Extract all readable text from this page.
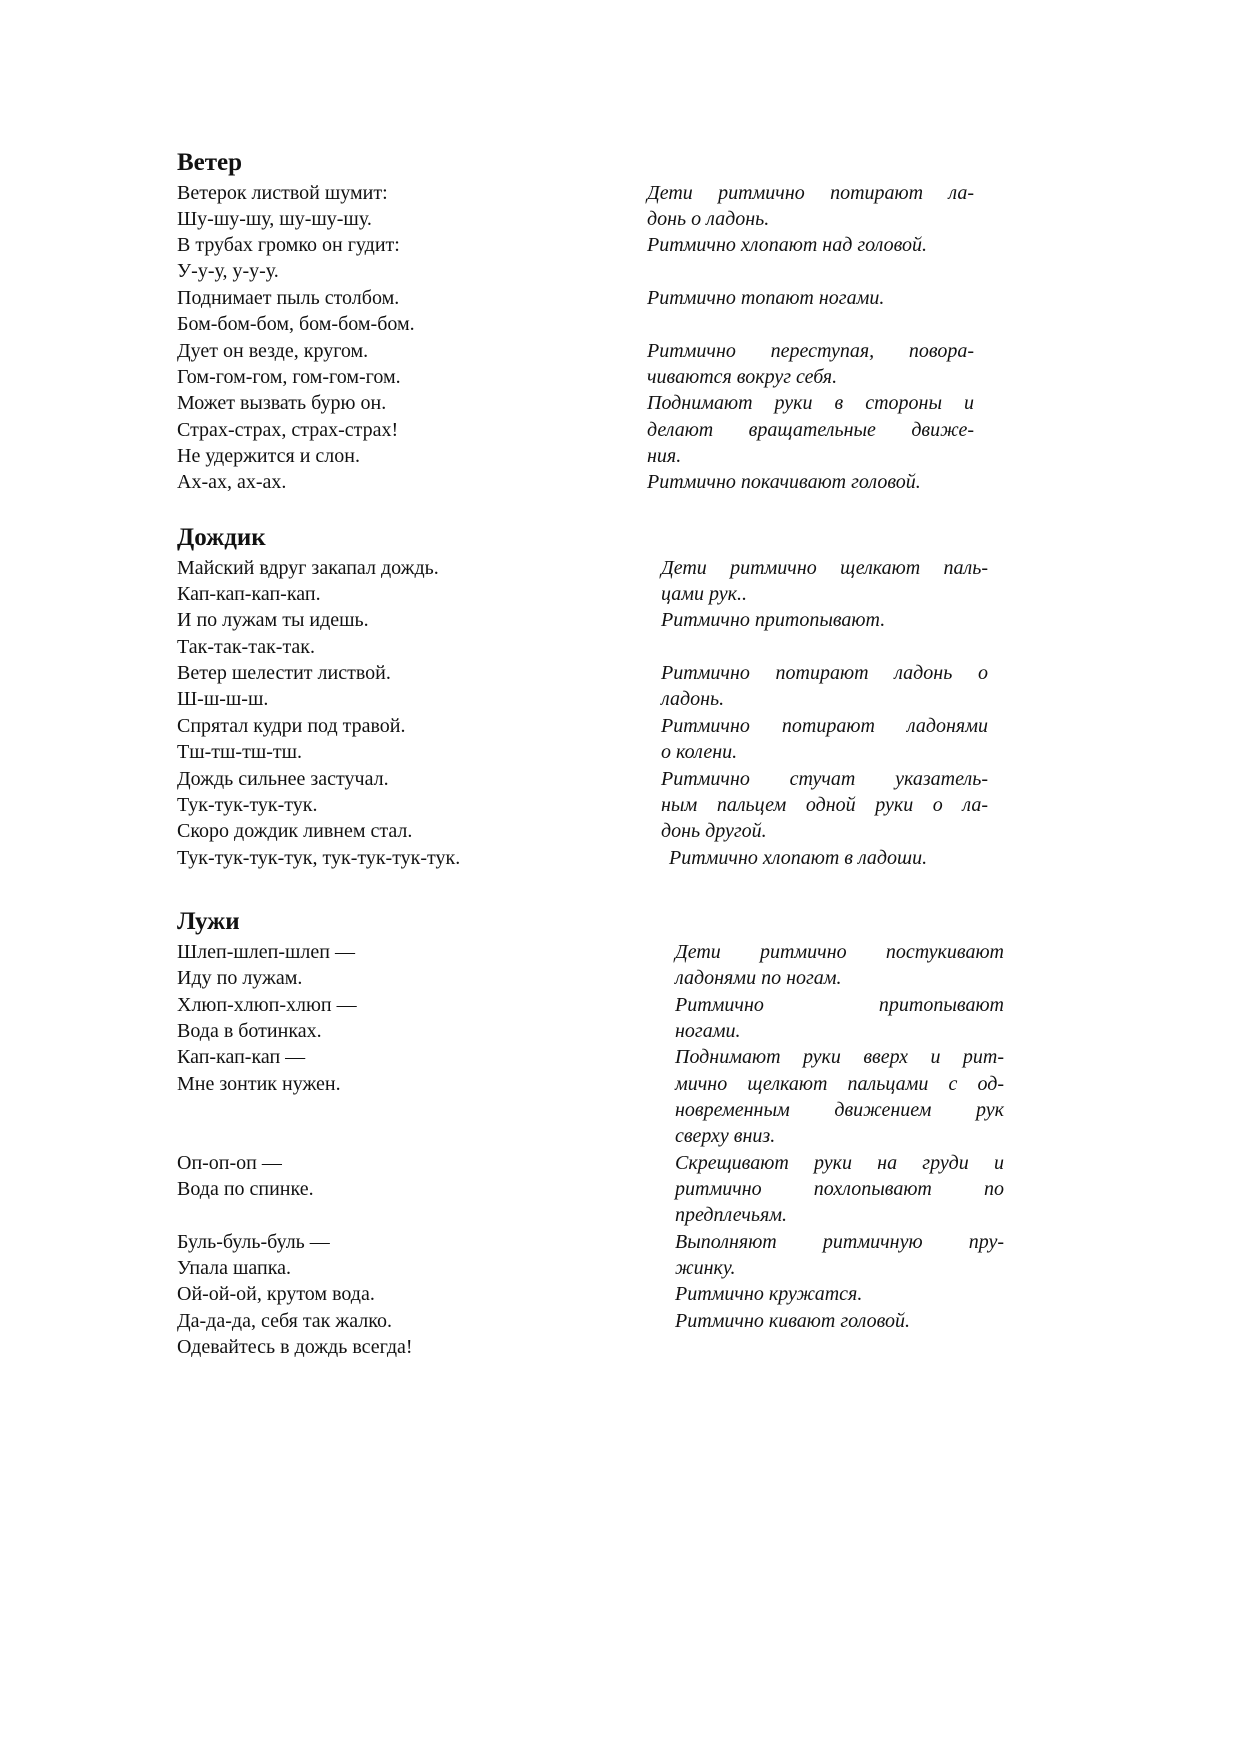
Ветер
Ветерок листвой шумит:
Шу-шу-шу, шу-шу-шу.
В трубах громко он гудит:
У-у-у, у-у-у.
Поднимает пыль столбом.
Бом-бом-бом, бом-бом-бом.
Дует он везде, кругом.
Гом-гом-гом, гом-гом-гом.
Может вызвать бурю он.
Страх-страх, страх-страх!
Не удержится и слон.
Ах-ах, ах-ах.
Дети ритмично потирают ла-
донь о ладонь.
Ритмично хлопают над головой.
Ритмично топают ногами.
Ритмично переступая, повора-
чиваются вокруг себя.
Поднимают руки в стороны и
делают вращательные движе-
ния.
Ритмично покачивают головой.
Дождик
Майский вдруг закапал дождь.
Кап-кап-кап-кап.
И по лужам ты идешь.
Так-так-так-так.
Ветер шелестит листвой.
Ш-ш-ш-ш.
Спрятал кудри под травой.
Тш-тш-тш-тш.
Дождь сильнее застучал.
Тук-тук-тук-тук.
Скоро дождик ливнем стал.
Тук-тук-тук-тук, тук-тук-тук-тук.
Дети ритмично щелкают паль-
цами рук..
Ритмично притопывают.
Ритмично потирают ладонь о
ладонь.
Ритмично потирают ладонями
о колени.
Ритмично стучат указатель-
ным пальцем одной руки о ла-
донь другой.
Ритмично хлопают в ладоши.
Лужи
Шлеп-шлеп-шлеп —
Иду по лужам.
Хлюп-хлюп-хлюп —
Вода в ботинках.
Кап-кап-кап —
Мне зонтик нужен.
Оп-оп-оп —
Вода по спинке.
Буль-буль-буль —
Упала шапка.
Ой-ой-ой, крутом вода.
Да-да-да, себя так жалко.
Одевайтесь в дождь всегда!
Дети ритмично постукивают
ладонями по ногам.
Ритмично притопывают
ногами.
Поднимают руки вверх и рит-
мично щелкают пальцами с од-
новременным движением рук
сверху вниз.
Скрещивают руки на груди и
ритмично похлопывают по
предплечьям.
Выполняют ритмичную пру-
жинку.
Ритмично кружатся.
Ритмично кивают головой.
